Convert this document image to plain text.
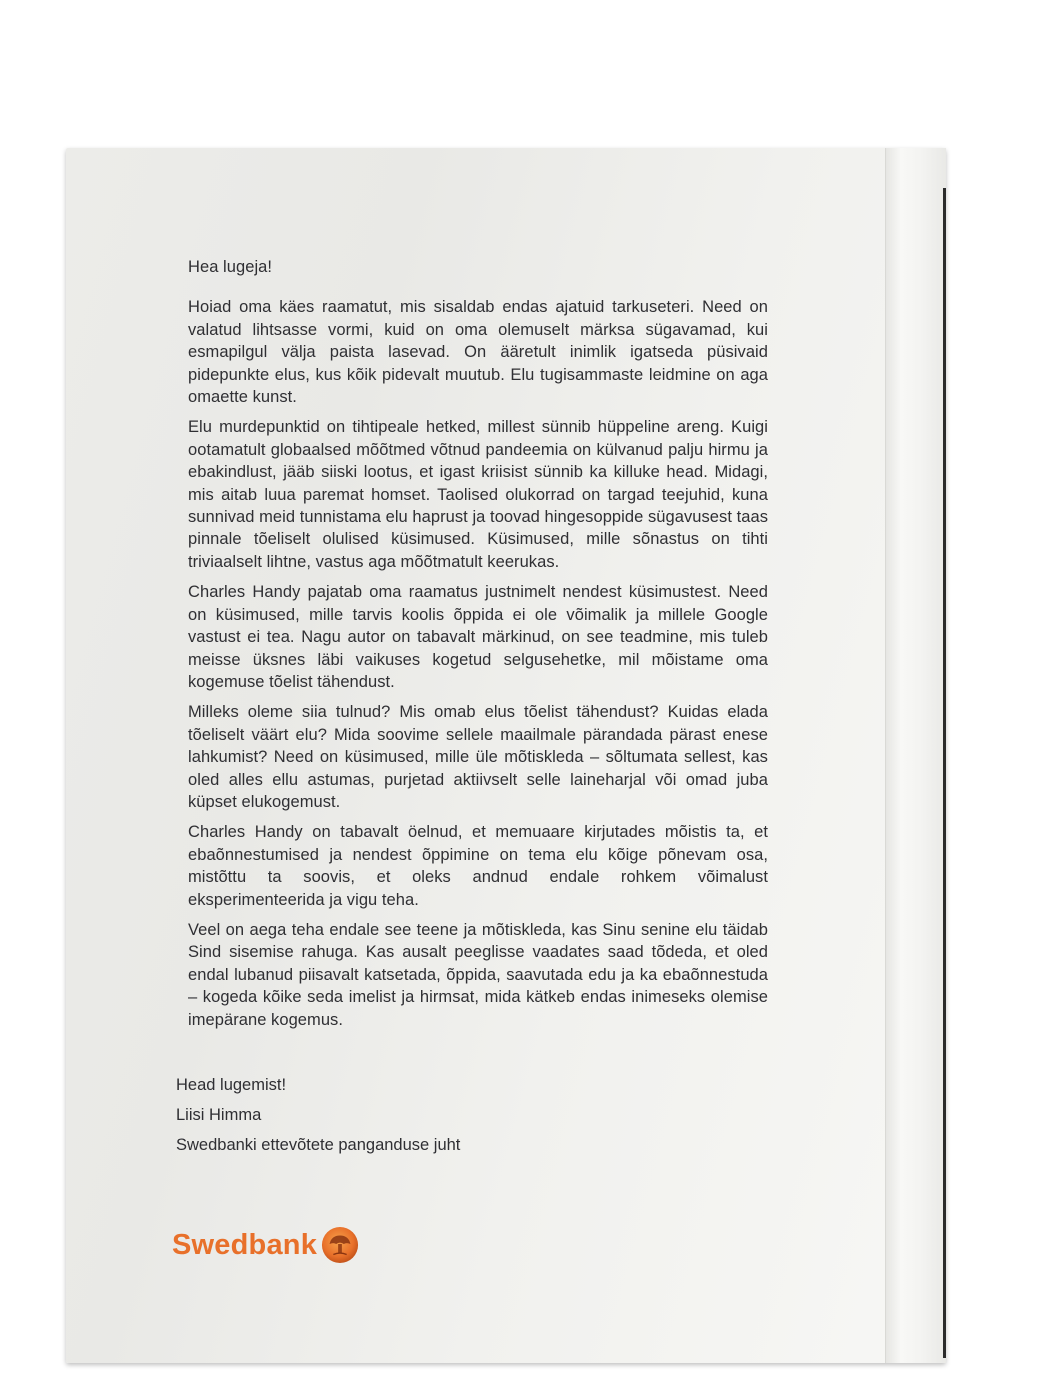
Hea lugeja!

Hoiad oma käes raamatut, mis sisaldab endas ajatuid tarkuseteri. Need on valatud lihtsasse vormi, kuid on oma olemuselt märksa sügavamad, kui esmapilgul välja paista lasevad. On ääretult inimlik igatseda püsivaid pidepunkte elus, kus kõik pidevalt muutub. Elu tugisammaste leidmine on aga omaette kunst.

Elu murdepunktid on tihtipeale hetked, millest sünnib hüppeline areng. Kuigi ootamatult globaalsed mõõtmed võtnud pandeemia on külvanud palju hirmu ja ebakindlust, jääb siiski lootus, et igast kriisist sünnib ka killuke head. Midagi, mis aitab luua paremat homset. Taolised olukorrad on targad teejuhid, kuna sunnivad meid tunnistama elu haprust ja toovad hingesoppide sügavusest taas pinnale tõeliselt olulised küsimused. Küsimused, mille sõnastus on tihti triviaalselt lihtne, vastus aga mõõtmatult keerukas.

Charles Handy pajatab oma raamatus justnimelt nendest küsimustest. Need on küsimused, mille tarvis koolis õppida ei ole võimalik ja millele Google vastust ei tea. Nagu autor on tabavalt märkinud, on see teadmine, mis tuleb meisse üksnes läbi vaikuses kogetud selgusehetke, mil mõistame oma kogemuse tõelist tähendust.

Milleks oleme siia tulnud? Mis omab elus tõelist tähendust? Kuidas elada tõeliselt väärt elu? Mida soovime sellele maailmale pärandada pärast enese lahkumist? Need on küsimused, mille üle mõtiskleda – sõltumata sellest, kas oled alles ellu astumas, purjetad aktiivselt selle laineharjal või omad juba küpset elukogemust.

Charles Handy on tabavalt öelnud, et memuaare kirjutades mõistis ta, et ebaõnnestumised ja nendest õppimine on tema elu kõige põnevam osa, mistõttu ta soovis, et oleks andnud endale rohkem võimalust eksperimenteerida ja vigu teha.

Veel on aega teha endale see teene ja mõtiskleda, kas Sinu senine elu täidab Sind sisemise rahuga. Kas ausalt peeglisse vaadates saad tõdeda, et oled endal lubanud piisavalt katsetada, õppida, saavutada edu ja ka ebaõnnestuda – kogeda kõike seda imelist ja hirmsat, mida kätkeb endas inimeseks olemise imepärane kogemus.

Head lugemist!
Liisi Himma
Swedbanki ettevõtete panganduse juht
Swedbank
